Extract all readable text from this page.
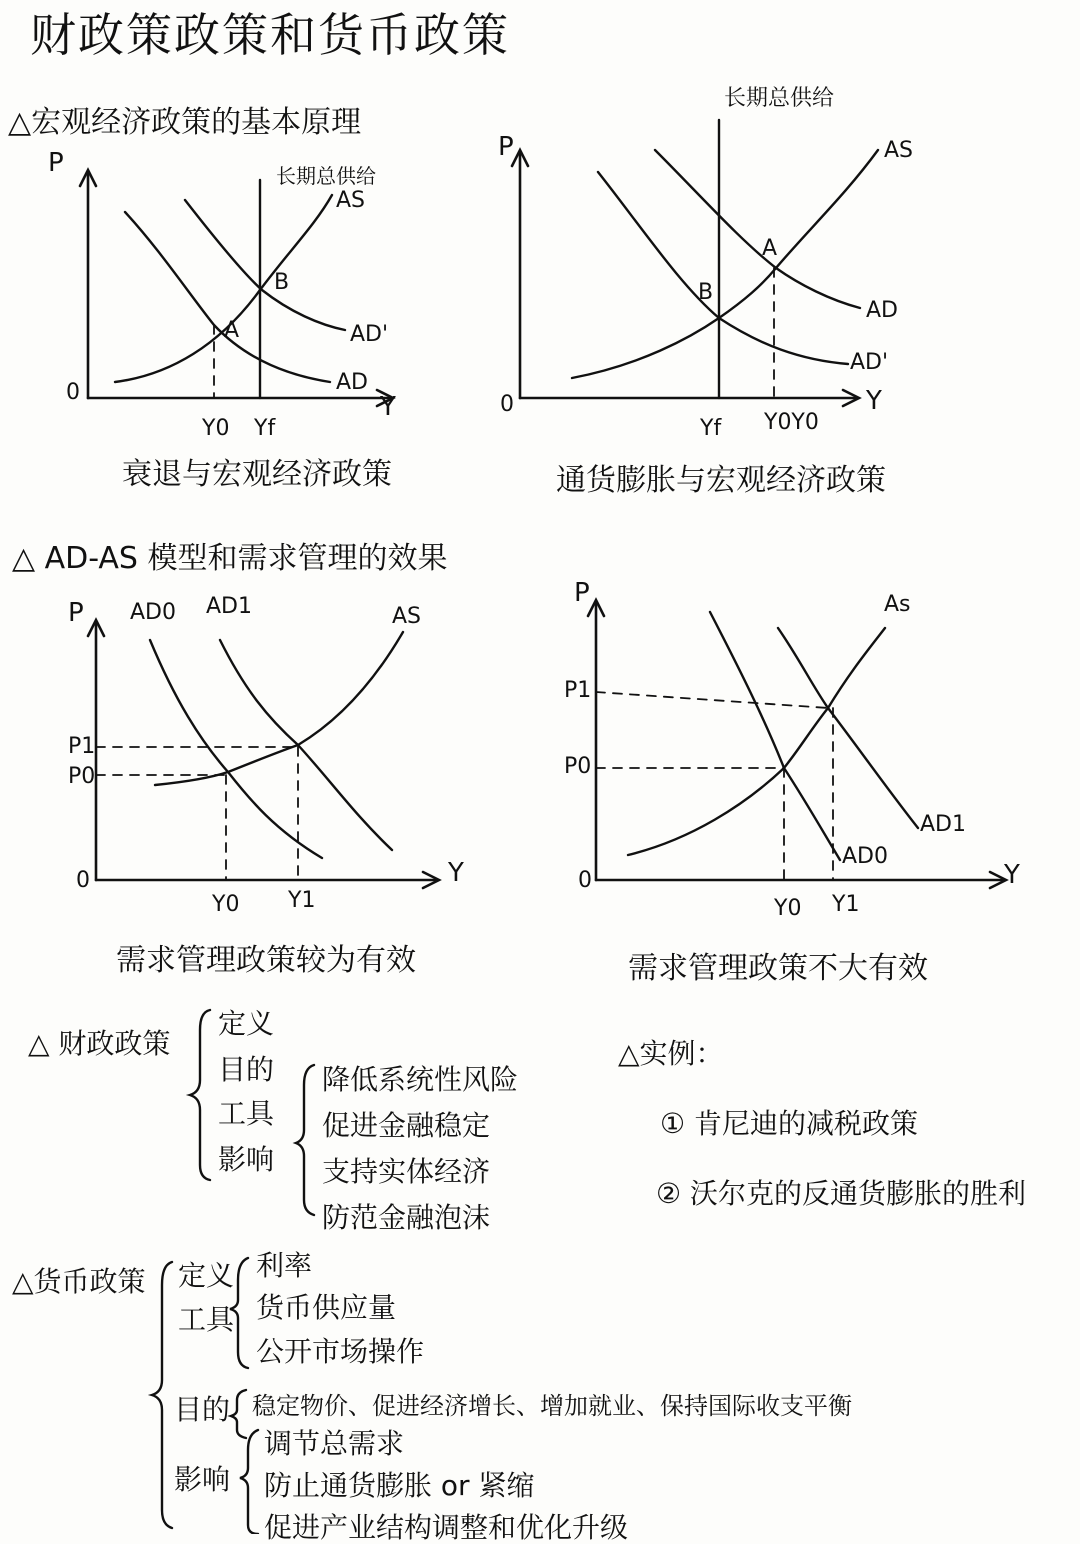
财政策政策和货币政策
△宏观经济政策的基本原理
P
0	Y
长期总供给
AS
AD'
AD
A
B
Y0 Yf
衰退与宏观经济政策
P
0	Y
长期总供给
AS
AD
AD'
A
B
Yf Y0Y0
通货膨胀与宏观经济政策
△ AD-AS 模型和需求管理的效果
P
0	Y
AD0 AD1	AS
P1
P0
Y0 Y1
需求管理政策较为有效
P
0	Y
As
AD1
AD0
P1
P0
Y0 Y1
需求管理政策不大有效
△ 财政政策
定义
目的
工具
影响
降低系统性风险
促进金融稳定
支持实体经济
防范金融泡沫
△实例：
① 肯尼迪的减税政策
② 沃尔克的反通货膨胀的胜利
△货币政策 定义
工具
利率
货币供应量
公开市场操作
目的 稳定物价、促进经济增长、增加就业、保持国际收支平衡
影响
调节总需求
防止通货膨胀 or 紧缩
促进产业结构调整和优化升级
